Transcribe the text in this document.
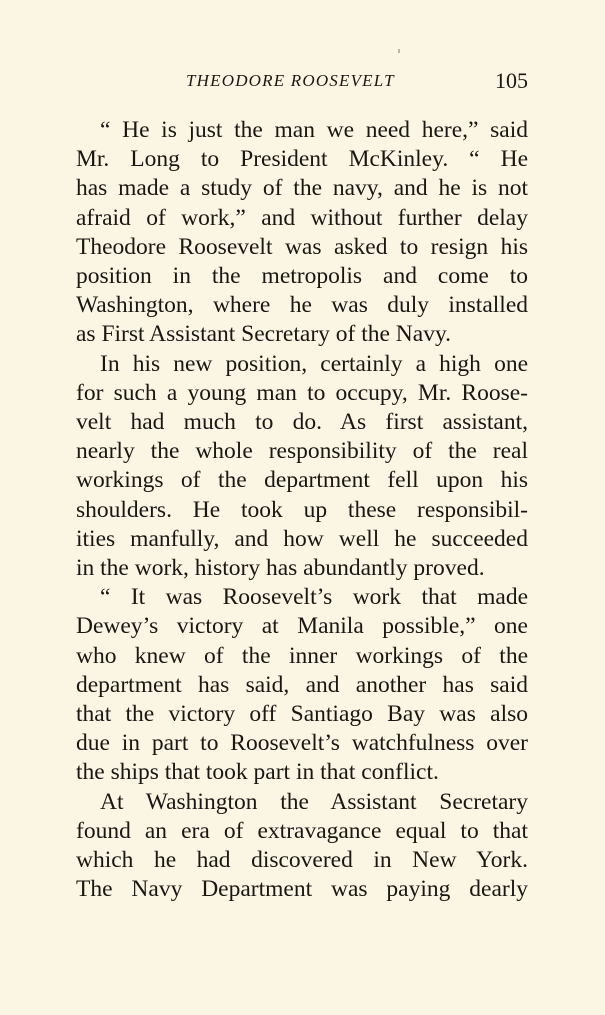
THEODORE ROOSEVELT	105

“ He is just the man we need here,” said
Mr. Long to President McKinley. “ He
has made a study of the navy, and he is not
afraid of work,” and without further delay
Theodore Roosevelt was asked to resign his
position in the metropolis and come to
Washington, where he was duly installed
as First Assistant Secretary of the Navy.

In his new position, certainly a high one
for such a young man to occupy, Mr. Roose-
velt had much to do. As first assistant,
nearly the whole responsibility of the real
workings of the department fell upon his
shoulders. He took up these responsibil-
ities manfully, and how well he succeeded
in the work, history has abundantly proved.

“ It was Roosevelt’s work that made
Dewey’s victory at Manila possible,” one
who knew of the inner workings of the
department has said, and another has said
that the victory off Santiago Bay was also
due in part to Roosevelt’s watchfulness over
the ships that took part in that conflict.

At Washington the Assistant Secretary
found an era of extravagance equal to that
which he had discovered in New York.
The Navy Department was paying dearly
